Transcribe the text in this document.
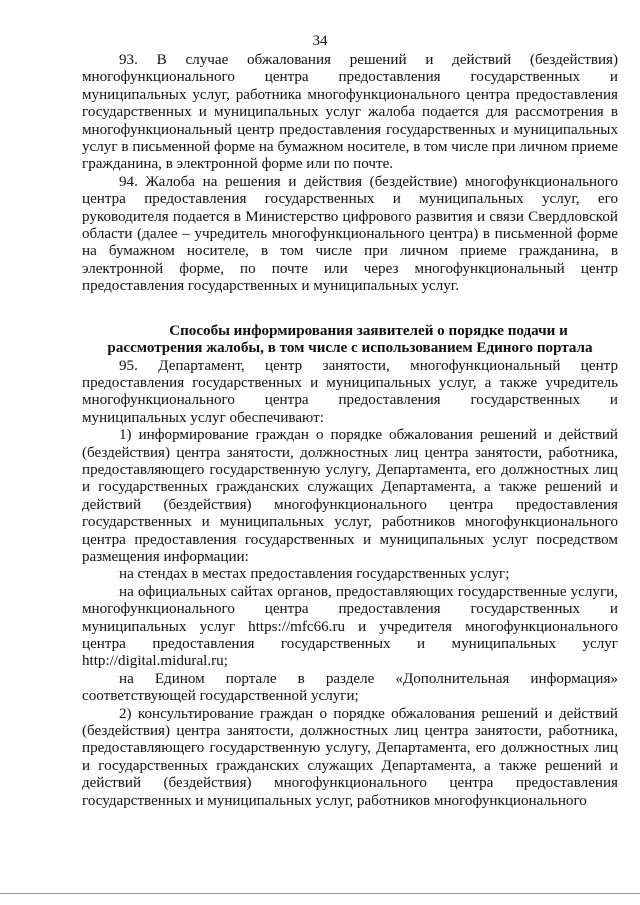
34

93. В случае обжалования решений и действий (бездействия) многофункционального центра предоставления государственных и муниципальных услуг, работника многофункционального центра предоставления государственных и муниципальных услуг жалоба подается для рассмотрения в многофункциональный центр предоставления государственных и муниципальных услуг в письменной форме на бумажном носителе, в том числе при личном приеме гражданина, в электронной форме или по почте.

94. Жалоба на решения и действия (бездействие) многофункционального центра предоставления государственных и муниципальных услуг, его руководителя подается в Министерство цифрового развития и связи Свердловской области (далее – учредитель многофункционального центра) в письменной форме на бумажном носителе, в том числе при личном приеме гражданина, в электронной форме, по почте или через многофункциональный центр предоставления государственных и муниципальных услуг.

Способы информирования заявителей о порядке подачи и рассмотрения жалобы, в том числе с использованием Единого портала

95. Департамент, центр занятости, многофункциональный центр предоставления государственных и муниципальных услуг, а также учредитель многофункционального центра предоставления государственных и муниципальных услуг обеспечивают:

1) информирование граждан о порядке обжалования решений и действий (бездействия) центра занятости, должностных лиц центра занятости, работника, предоставляющего государственную услугу, Департамента, его должностных лиц и государственных гражданских служащих Департамента, а также решений и действий (бездействия) многофункционального центра предоставления государственных и муниципальных услуг, работников многофункционального центра предоставления государственных и муниципальных услуг посредством размещения информации:

на стендах в местах предоставления государственных услуг;

на официальных сайтах органов, предоставляющих государственные услуги, многофункционального центра предоставления государственных и муниципальных услуг https://mfc66.ru и учредителя многофункционального центра предоставления государственных и муниципальных услуг http://digital.midural.ru;

на Едином портале в разделе «Дополнительная информация» соответствующей государственной услуги;

2) консультирование граждан о порядке обжалования решений и действий (бездействия) центра занятости, должностных лиц центра занятости, работника, предоставляющего государственную услугу, Департамента, его должностных лиц и государственных гражданских служащих Департамента, а также решений и действий (бездействия) многофункционального центра предоставления государственных и муниципальных услуг, работников многофункционального
